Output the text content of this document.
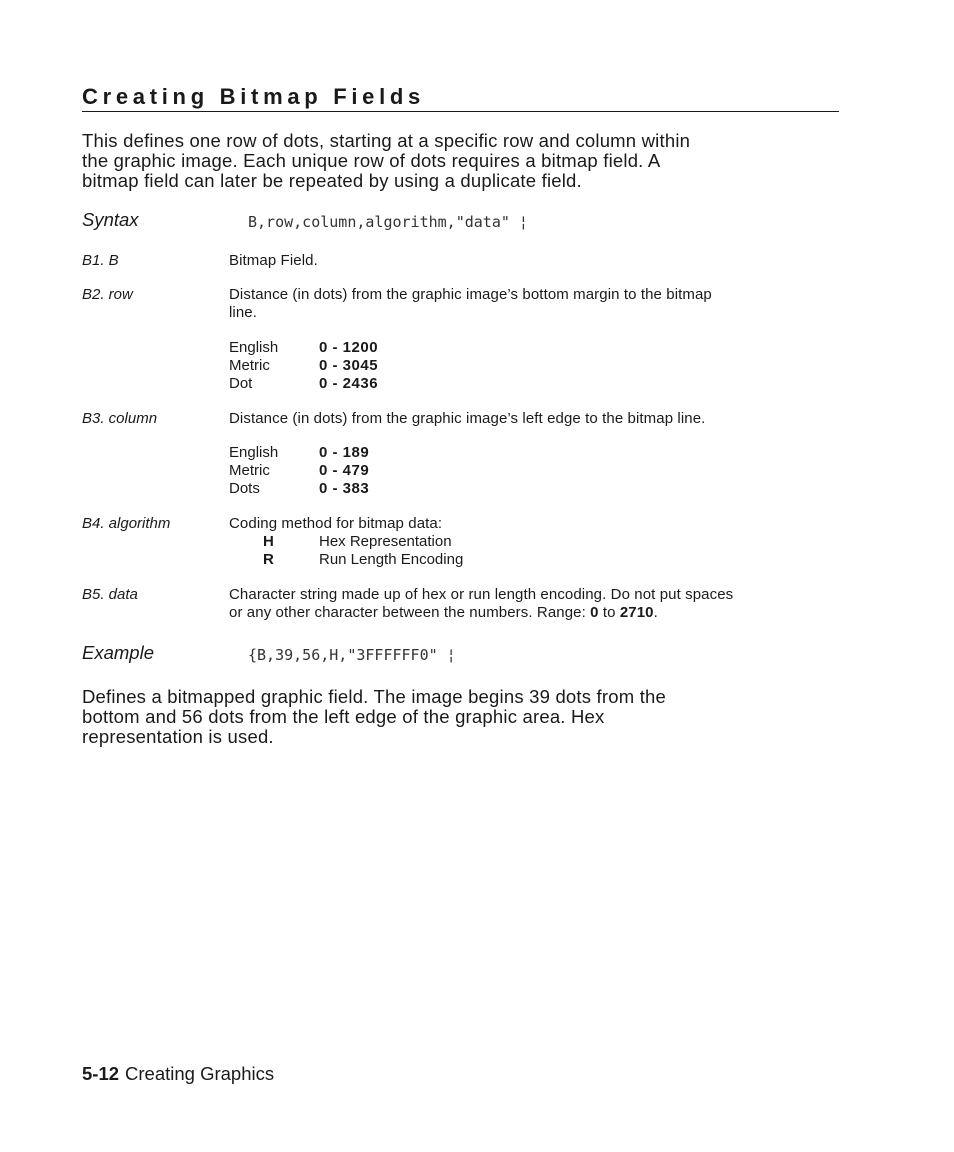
Creating Bitmap Fields
This defines one row of dots, starting at a specific row and column within
the graphic image. Each unique row of dots requires a bitmap field. A
bitmap field can later be repeated by using a duplicate field.
Syntax	B,row,column,algorithm,"data" ¦
B1. B	Bitmap Field.
B2. row	Distance (in dots) from the graphic image’s bottom margin to the bitmap
line.
English	0 - 1200
Metric	0 - 3045
Dot	0 - 2436
B3. column	Distance (in dots) from the graphic image’s left edge to the bitmap line.
English	0 - 189
Metric	0 - 479
Dots	0 - 383
B4. algorithm	Coding method for bitmap data:
H	Hex Representation
R	Run Length Encoding
B5. data	Character string made up of hex or run length encoding. Do not put spaces
or any other character between the numbers. Range: 0 to 2710.
Example	{B,39,56,H,"3FFFFFF0" ¦
Defines a bitmapped graphic field. The image begins 39 dots from the
bottom and 56 dots from the left edge of the graphic area. Hex
representation is used.
5-12 Creating Graphics
